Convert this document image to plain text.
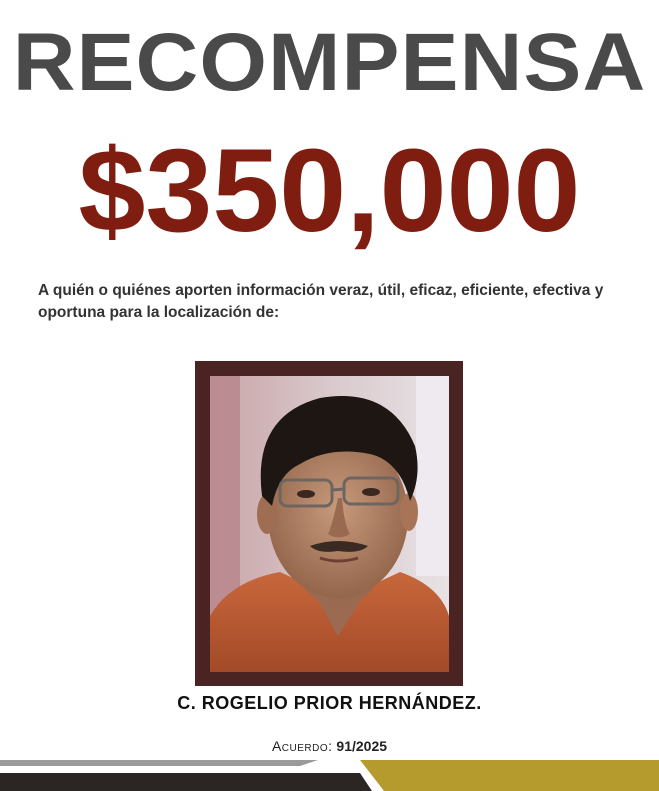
RECOMPENSA
$350,000
A quién o quiénes aporten información veraz, útil, eficaz, eficiente, efectiva y oportuna para la localización de:
C. ROGELIO PRIOR HERNÁNDEZ.
Acuerdo: 91/2025
